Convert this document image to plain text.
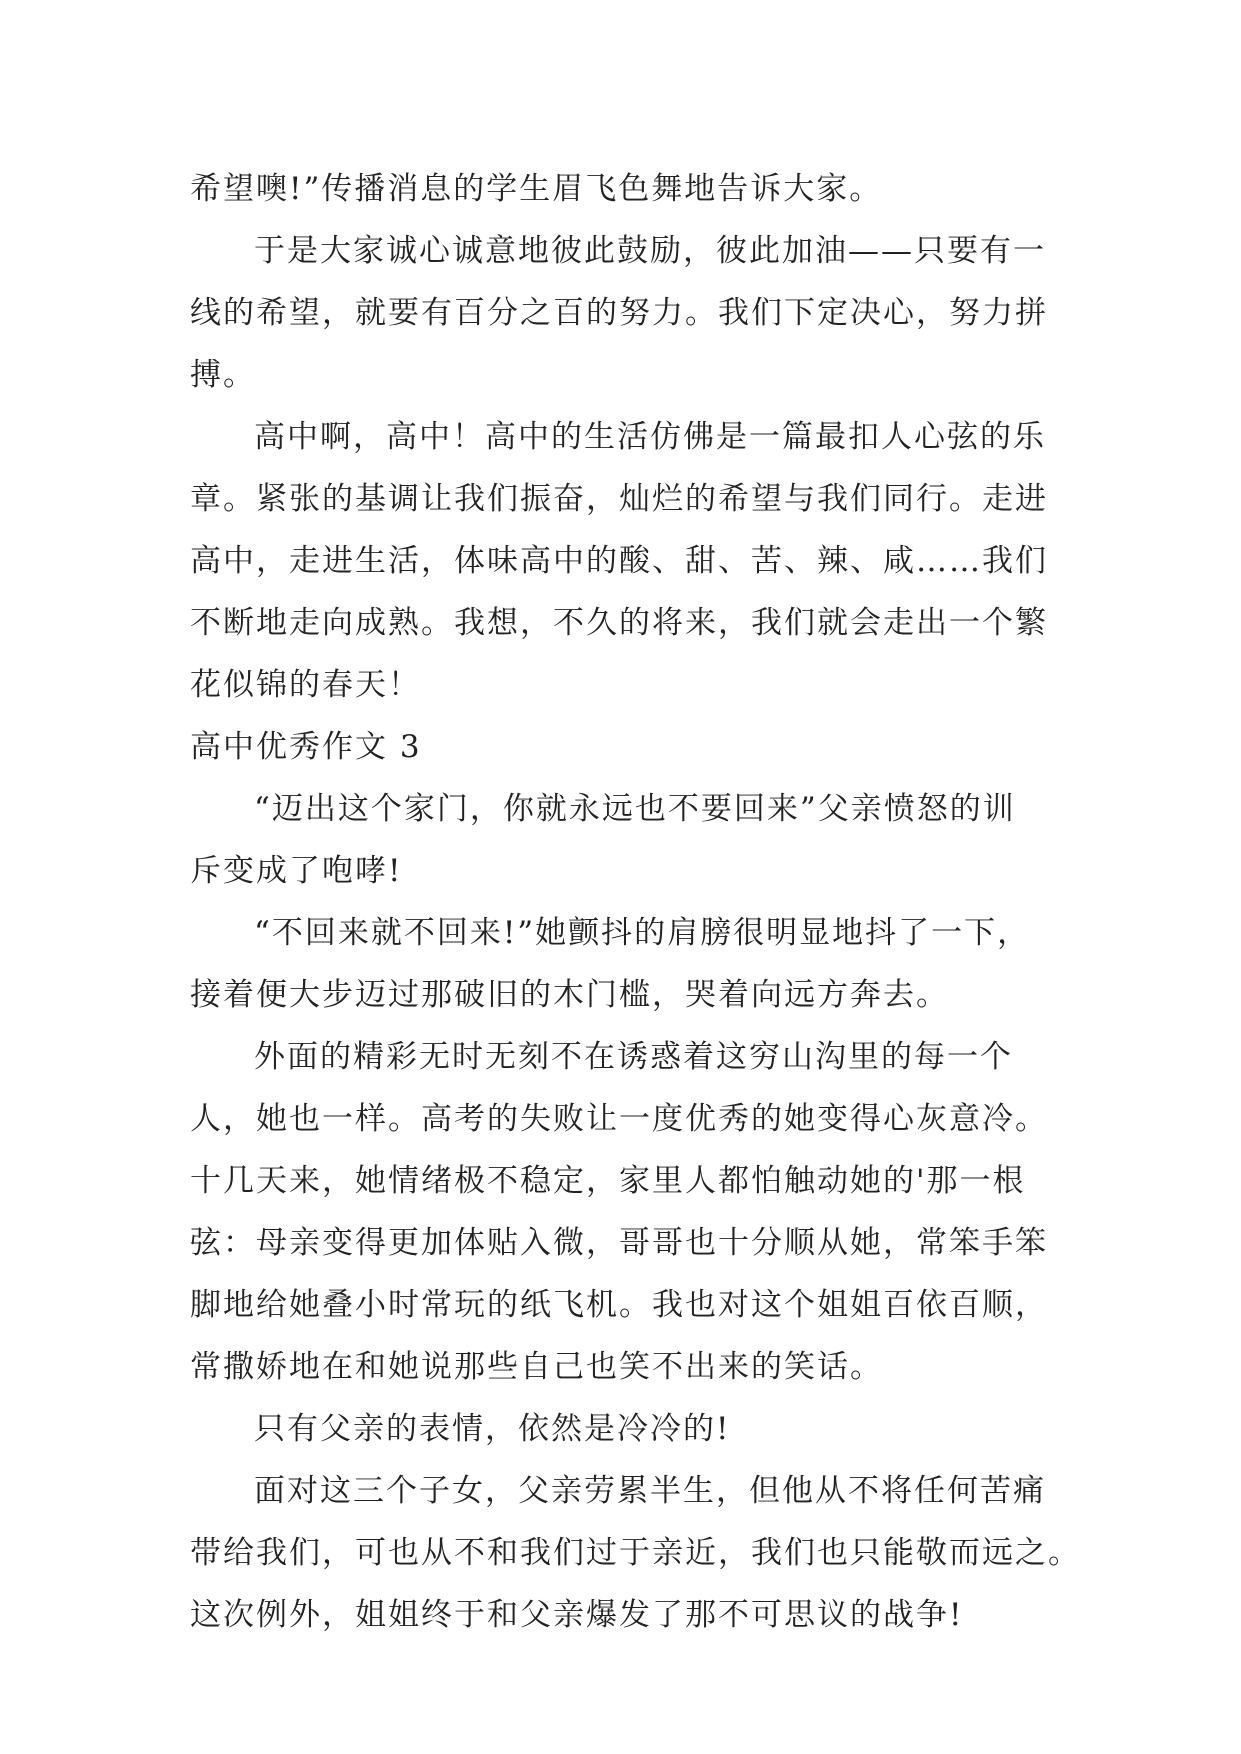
希望噢!”传播消息的学生眉飞色舞地告诉大家。
于是大家诚心诚意地彼此鼓励，彼此加油——只要有一
线的希望，就要有百分之百的努力。我们下定决心，努力拼
搏。
高中啊，高中！高中的生活仿佛是一篇最扣人心弦的乐
章。紧张的基调让我们振奋，灿烂的希望与我们同行。走进
高中，走进生活，体味高中的酸、甜、苦、辣、咸……我们
不断地走向成熟。我想，不久的将来，我们就会走出一个繁
花似锦的春天！
高中优秀作文 3
“迈出这个家门，你就永远也不要回来”父亲愤怒的训
斥变成了咆哮!
“不回来就不回来!”她颤抖的肩膀很明显地抖了一下，
接着便大步迈过那破旧的木门槛，哭着向远方奔去。
外面的精彩无时无刻不在诱惑着这穷山沟里的每一个
人，她也一样。高考的失败让一度优秀的她变得心灰意冷。
十几天来，她情绪极不稳定，家里人都怕触动她的'那一根
弦：母亲变得更加体贴入微，哥哥也十分顺从她，常笨手笨
脚地给她叠小时常玩的纸飞机。我也对这个姐姐百依百顺，
常撒娇地在和她说那些自己也笑不出来的笑话。
只有父亲的表情，依然是冷冷的!
面对这三个子女，父亲劳累半生，但他从不将任何苦痛
带给我们，可也从不和我们过于亲近，我们也只能敬而远之。
这次例外，姐姐终于和父亲爆发了那不可思议的战争!
